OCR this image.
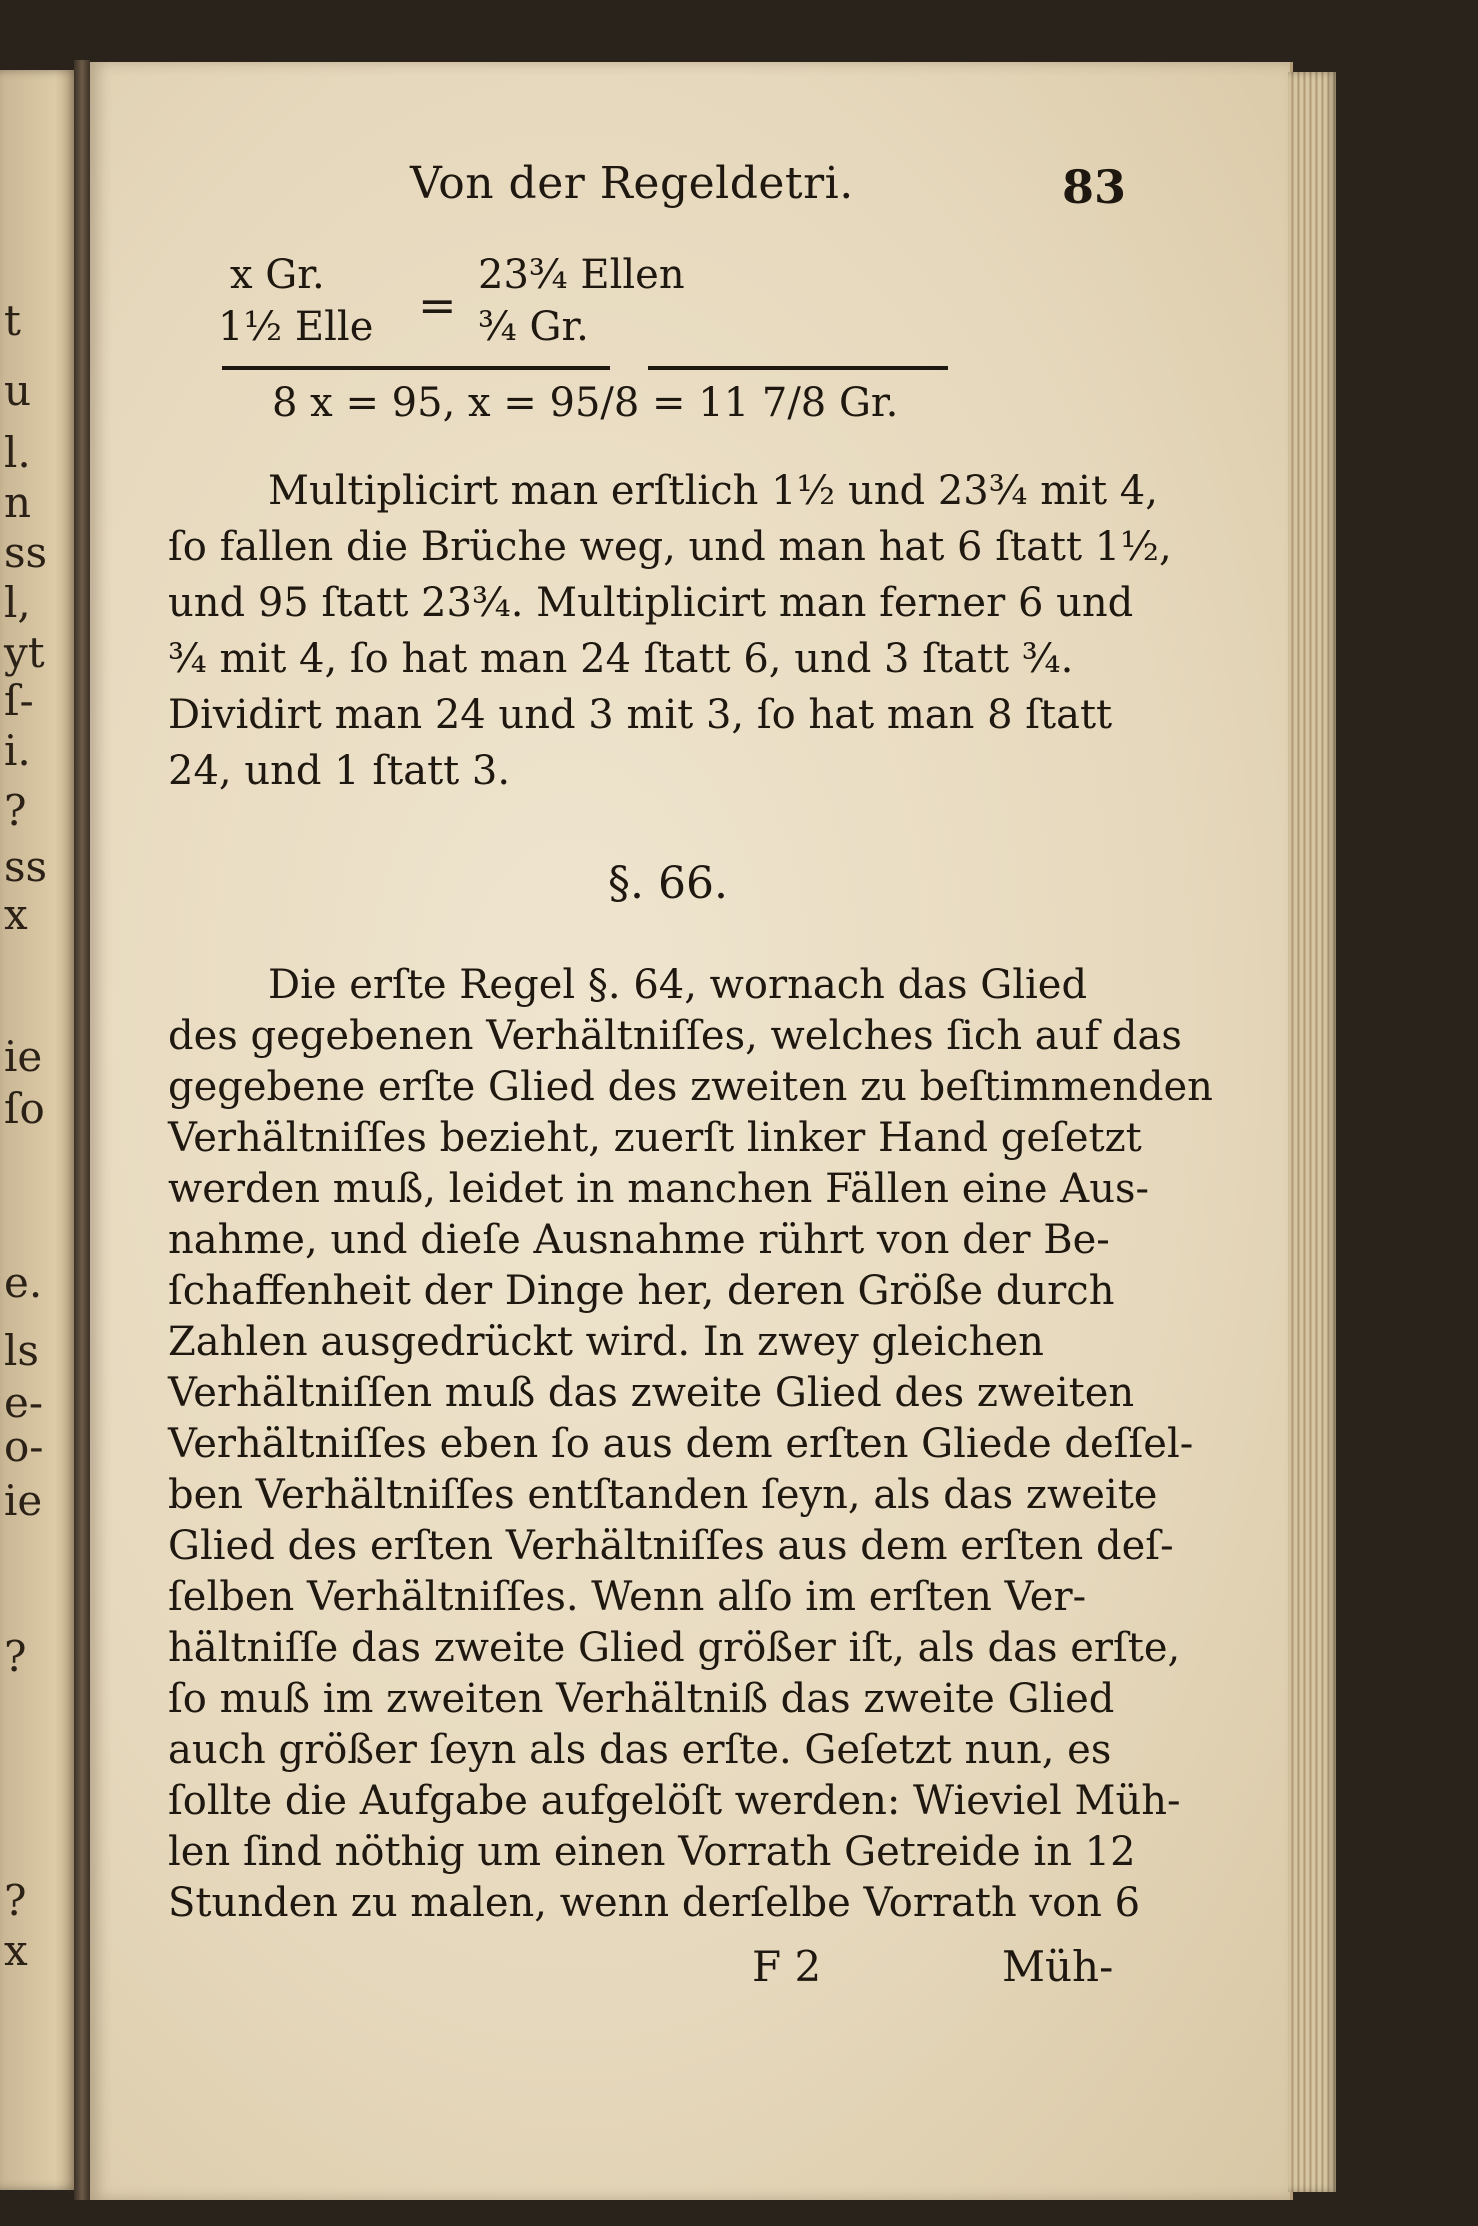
t
u
l.
n
ss
l,
yt
ſ-
i.
?
ss
x
ie
ſo
e.
ls
e-
o-
ie
?
?
x
Von der Regeldetri.	83
x Gr.	23¾ Ellen
=
1½ Elle	¾ Gr.
8 x = 95, x = 95/8 = 11 7/8 Gr.
Multiplicirt man erſtlich 1½ und 23¾ mit 4,
ſo fallen die Brüche weg, und man hat 6 ſtatt 1½,
und 95 ſtatt 23¾. Multiplicirt man ferner 6 und
¾ mit 4, ſo hat man 24 ſtatt 6, und 3 ſtatt ¾.
Dividirt man 24 und 3 mit 3, ſo hat man 8 ſtatt
24, und 1 ſtatt 3.
§. 66.
Die erſte Regel §. 64, wornach das Glied
des gegebenen Verhältniſſes, welches ſich auf das
gegebene erſte Glied des zweiten zu beſtimmenden
Verhältniſſes bezieht, zuerſt linker Hand geſetzt
werden muß, leidet in manchen Fällen eine Aus-
nahme, und dieſe Ausnahme rührt von der Be-
ſchaffenheit der Dinge her, deren Größe durch
Zahlen ausgedrückt wird. In zwey gleichen
Verhältniſſen muß das zweite Glied des zweiten
Verhältniſſes eben ſo aus dem erſten Gliede deſſel-
ben Verhältniſſes entſtanden ſeyn, als das zweite
Glied des erſten Verhältniſſes aus dem erſten deſ-
ſelben Verhältniſſes. Wenn alſo im erſten Ver-
hältniſſe das zweite Glied größer iſt, als das erſte,
ſo muß im zweiten Verhältniß das zweite Glied
auch größer ſeyn als das erſte. Geſetzt nun, es
ſollte die Aufgabe aufgelöſt werden: Wieviel Müh-
len ſind nöthig um einen Vorrath Getreide in 12
Stunden zu malen, wenn derſelbe Vorrath von 6
F 2	Müh-
